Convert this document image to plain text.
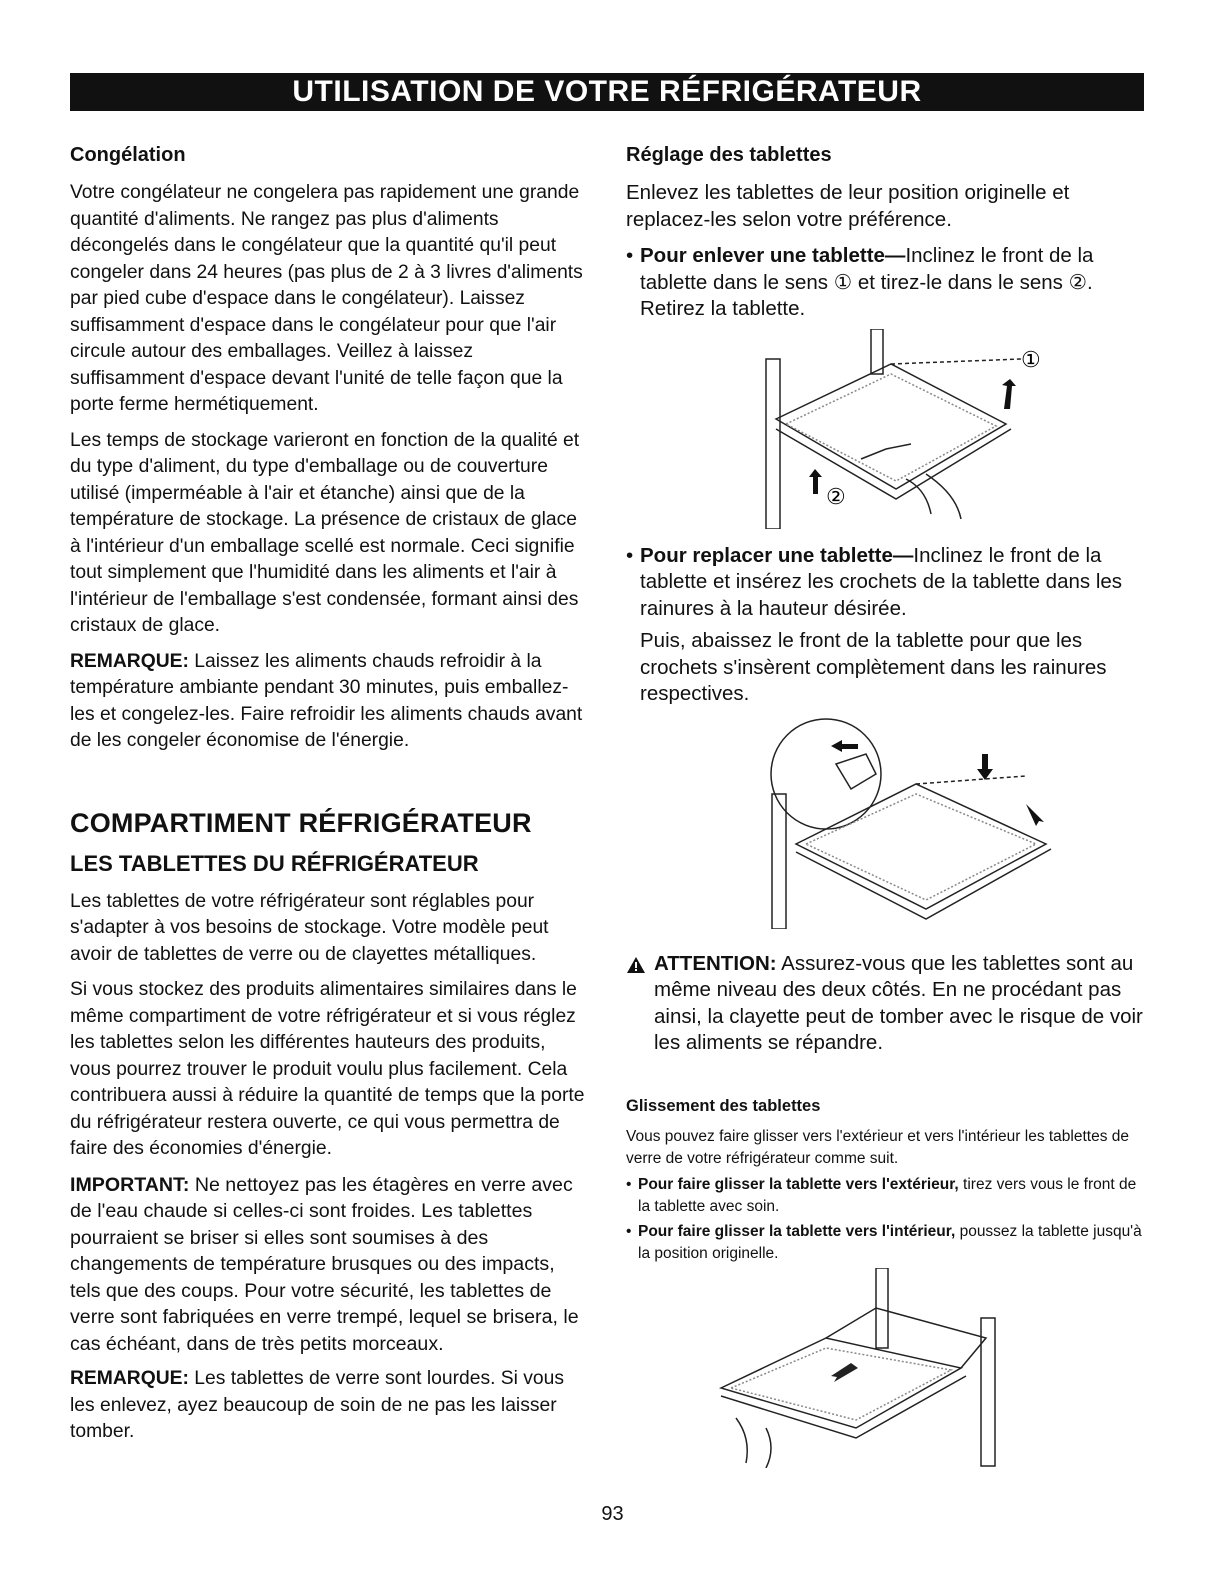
UTILISATION DE VOTRE RÉFRIGÉRATEUR
Congélation

Votre congélateur ne congelera pas rapidement une grande quantité d'aliments. Ne rangez pas plus d'aliments décongelés dans le congélateur que la quantité qu'il peut congeler dans 24 heures (pas plus de 2 à 3 livres d'aliments par pied cube d'espace dans le congélateur). Laissez suffisamment d'espace dans le congélateur pour que l'air circule autour des emballages. Veillez à laissez suffisamment d'espace devant l'unité de telle façon que la porte ferme hermétiquement.

Les temps de stockage varieront en fonction de la qualité et du type d'aliment, du type d'emballage ou de couverture utilisé (imperméable à l'air et étanche) ainsi que de la température de stockage. La présence de cristaux de glace à l'intérieur d'un emballage scellé est normale. Ceci signifie tout simplement que l'humidité dans les aliments et l'air à l'intérieur de l'emballage s'est condensée, formant ainsi des cristaux de glace.

REMARQUE: Laissez les aliments chauds refroidir à la température ambiante pendant 30 minutes, puis emballez-les et congelez-les. Faire refroidir les aliments chauds avant de les congeler économise de l'énergie.

COMPARTIMENT RÉFRIGÉRATEUR
LES TABLETTES DU RÉFRIGÉRATEUR

Les tablettes de votre réfrigérateur sont réglables pour s'adapter à vos besoins de stockage. Votre modèle peut avoir de tablettes de verre ou de clayettes métalliques.

Si vous stockez des produits alimentaires similaires dans le même compartiment de votre réfrigérateur et si vous réglez les tablettes selon les différentes hauteurs des produits, vous pourrez trouver le produit voulu plus facilement. Cela contribuera aussi à réduire la quantité de temps que la porte du réfrigérateur restera ouverte, ce qui vous permettra de faire des économies d'énergie.

IMPORTANT: Ne nettoyez pas les étagères en verre avec de l'eau chaude si celles-ci sont froides. Les tablettes pourraient se briser si elles sont soumises à des changements de température brusques ou des impacts, tels que des coups. Pour votre sécurité, les tablettes de verre sont fabriquées en verre trempé, lequel se brisera, le cas échéant, dans de très petits morceaux.

REMARQUE: Les tablettes de verre sont lourdes. Si vous les enlevez, ayez beaucoup de soin de ne pas les laisser tomber.

Réglage des tablettes

Enlevez les tablettes de leur position originelle et replacez-les selon votre préférence.

• Pour enlever une tablette—Inclinez le front de la tablette dans le sens ① et tirez-le dans le sens ②. Retirez la tablette.
①
②
• Pour replacer une tablette—Inclinez le front de la tablette et insérez les crochets de la tablette dans les rainures à la hauteur désirée.
Puis, abaissez le front de la tablette pour que les crochets s'insèrent complètement dans les rainures respectives.
ATTENTION: Assurez-vous que les tablettes sont au même niveau des deux côtés. En ne procédant pas ainsi, la clayette peut de tomber avec le risque de voir les aliments se répandre.
Glissement des tablettes

Vous pouvez faire glisser vers l'extérieur et vers l'intérieur les tablettes de verre de votre réfrigérateur comme suit.

• Pour faire glisser la tablette vers l'extérieur, tirez vers vous le front de la tablette avec soin.
• Pour faire glisser la tablette vers l'intérieur, poussez la tablette jusqu'à la position originelle.
93
